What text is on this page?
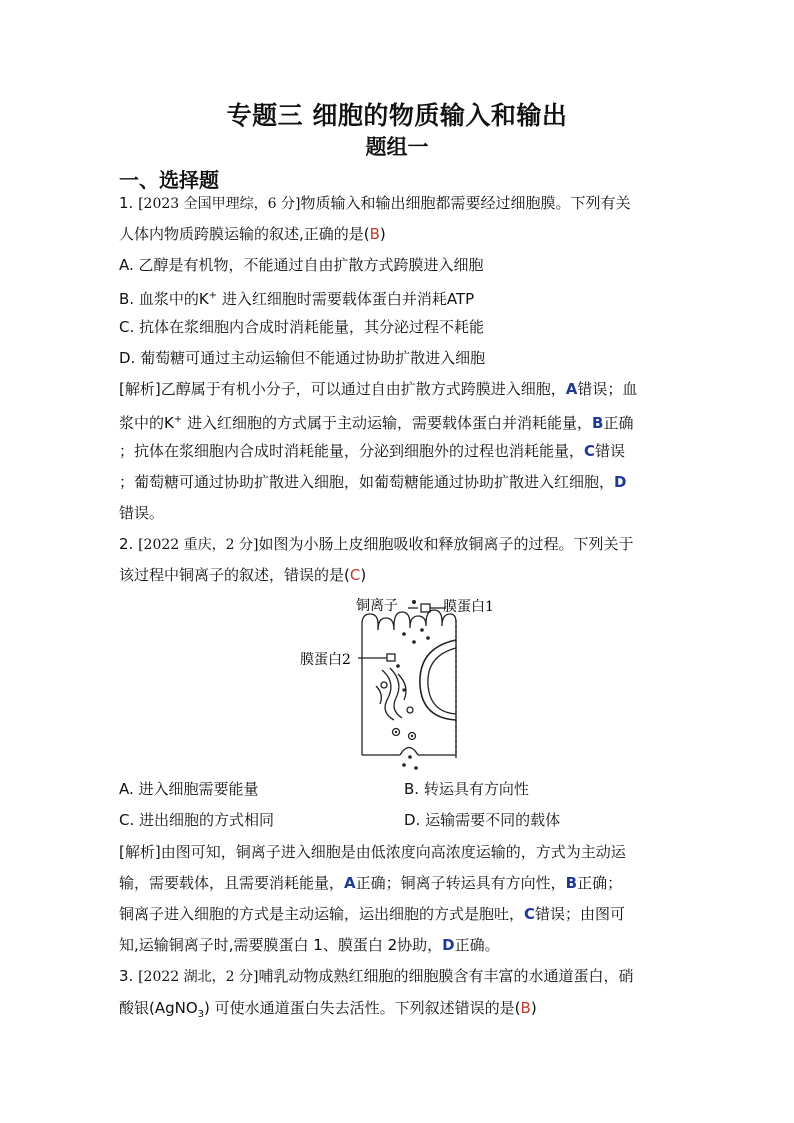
专题三 细胞的物质输入和输出
题组一
一、选择题
1. [2023 全国甲理综，6 分]物质输入和输出细胞都需要经过细胞膜。下列有关
人体内物质跨膜运输的叙述,正确的是(B)
A. 乙醇是有机物，不能通过自由扩散方式跨膜进入细胞
B. 血浆中的K+ 进入红细胞时需要载体蛋白并消耗ATP
C. 抗体在浆细胞内合成时消耗能量，其分泌过程不耗能
D. 葡萄糖可通过主动运输但不能通过协助扩散进入细胞
[解析]乙醇属于有机小分子，可以通过自由扩散方式跨膜进入细胞，A错误；血
浆中的K+ 进入红细胞的方式属于主动运输，需要载体蛋白并消耗能量，B正确
；抗体在浆细胞内合成时消耗能量，分泌到细胞外的过程也消耗能量，C错误
；葡萄糖可通过协助扩散进入细胞，如葡萄糖能通过协助扩散进入红细胞，D
错误。
2. [2022 重庆，2 分]如图为小肠上皮细胞吸收和释放铜离子的过程。下列关于
该过程中铜离子的叙述，错误的是(C)
铜离子	膜蛋白1
膜蛋白2
A. 进入细胞需要能量	B. 转运具有方向性
C. 进出细胞的方式相同	D. 运输需要不同的载体
[解析]由图可知，铜离子进入细胞是由低浓度向高浓度运输的，方式为主动运
输，需要载体，且需要消耗能量，A正确；铜离子转运具有方向性，B正确；
铜离子进入细胞的方式是主动运输，运出细胞的方式是胞吐，C错误；由图可
知,运输铜离子时,需要膜蛋白 1、膜蛋白 2协助，D正确。
3. [2022 湖北，2 分]哺乳动物成熟红细胞的细胞膜含有丰富的水通道蛋白，硝
酸银(AgNO$_3$) 可使水通道蛋白失去活性。下列叙述错误的是(B)
